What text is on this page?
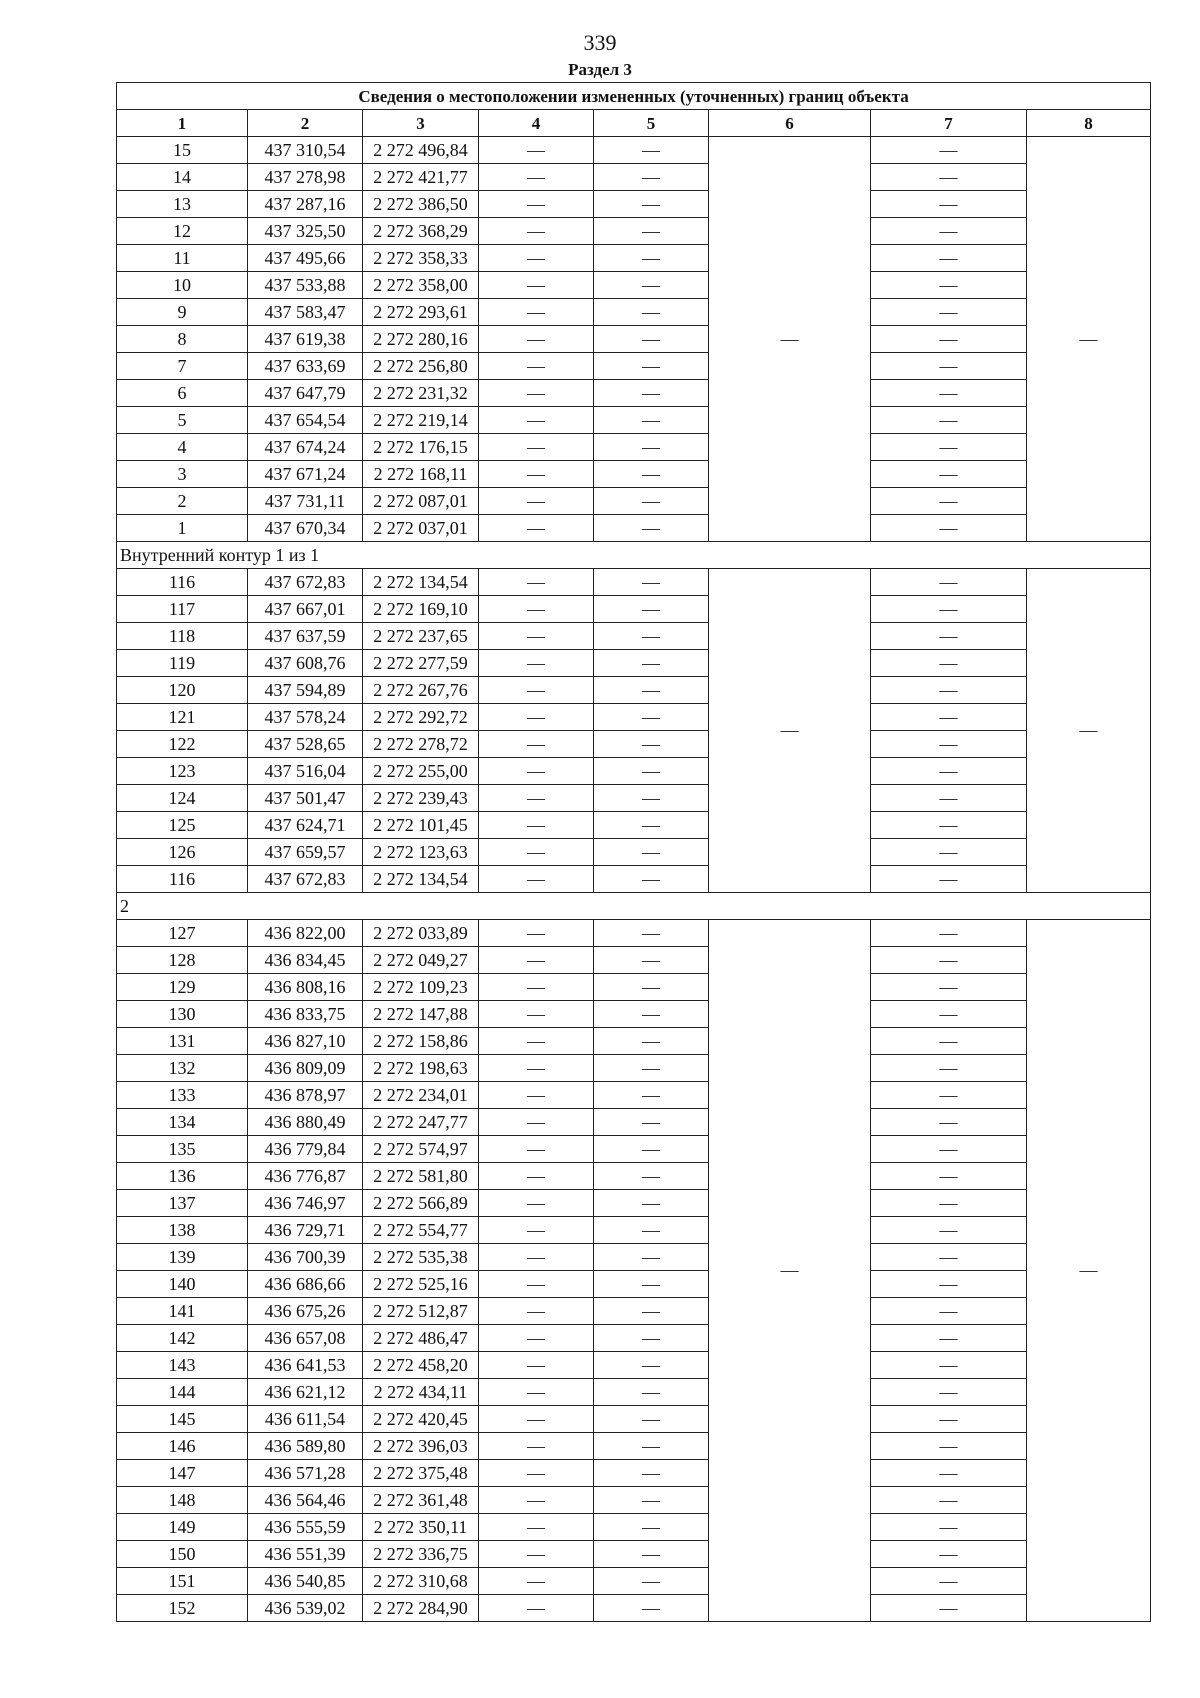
339
Раздел 3
Сведения о местоположении измененных (уточненных) границ объекта							
1	2	3	4	5	6	7	8
15	437 310,54	2 272 496,84	—	—	—	—	—
14	437 278,98	2 272 421,77	—	—		—	
13	437 287,16	2 272 386,50	—	—		—	
12	437 325,50	2 272 368,29	—	—		—	
11	437 495,66	2 272 358,33	—	—		—	
10	437 533,88	2 272 358,00	—	—		—	
9	437 583,47	2 272 293,61	—	—		—	
8	437 619,38	2 272 280,16	—	—		—	
7	437 633,69	2 272 256,80	—	—		—	
6	437 647,79	2 272 231,32	—	—		—	
5	437 654,54	2 272 219,14	—	—		—	
4	437 674,24	2 272 176,15	—	—		—	
3	437 671,24	2 272 168,11	—	—		—	
2	437 731,11	2 272 087,01	—	—		—	
1	437 670,34	2 272 037,01	—	—		—	
Внутренний контур 1 из 1							
116	437 672,83	2 272 134,54	—	—	—	—	—
117	437 667,01	2 272 169,10	—	—		—	
118	437 637,59	2 272 237,65	—	—		—	
119	437 608,76	2 272 277,59	—	—		—	
120	437 594,89	2 272 267,76	—	—		—	
121	437 578,24	2 272 292,72	—	—		—	
122	437 528,65	2 272 278,72	—	—		—	
123	437 516,04	2 272 255,00	—	—		—	
124	437 501,47	2 272 239,43	—	—		—	
125	437 624,71	2 272 101,45	—	—		—	
126	437 659,57	2 272 123,63	—	—		—	
116	437 672,83	2 272 134,54	—	—		—	
2							
127	436 822,00	2 272 033,89	—	—	—	—	—
128	436 834,45	2 272 049,27	—	—		—	
129	436 808,16	2 272 109,23	—	—		—	
130	436 833,75	2 272 147,88	—	—		—	
131	436 827,10	2 272 158,86	—	—		—	
132	436 809,09	2 272 198,63	—	—		—	
133	436 878,97	2 272 234,01	—	—		—	
134	436 880,49	2 272 247,77	—	—		—	
135	436 779,84	2 272 574,97	—	—		—	
136	436 776,87	2 272 581,80	—	—		—	
137	436 746,97	2 272 566,89	—	—		—	
138	436 729,71	2 272 554,77	—	—		—	
139	436 700,39	2 272 535,38	—	—		—	
140	436 686,66	2 272 525,16	—	—		—	
141	436 675,26	2 272 512,87	—	—		—	
142	436 657,08	2 272 486,47	—	—		—	
143	436 641,53	2 272 458,20	—	—		—	
144	436 621,12	2 272 434,11	—	—		—	
145	436 611,54	2 272 420,45	—	—		—	
146	436 589,80	2 272 396,03	—	—		—	
147	436 571,28	2 272 375,48	—	—		—	
148	436 564,46	2 272 361,48	—	—		—	
149	436 555,59	2 272 350,11	—	—		—	
150	436 551,39	2 272 336,75	—	—		—	
151	436 540,85	2 272 310,68	—	—		—	
152	436 539,02	2 272 284,90	—	—		—	
